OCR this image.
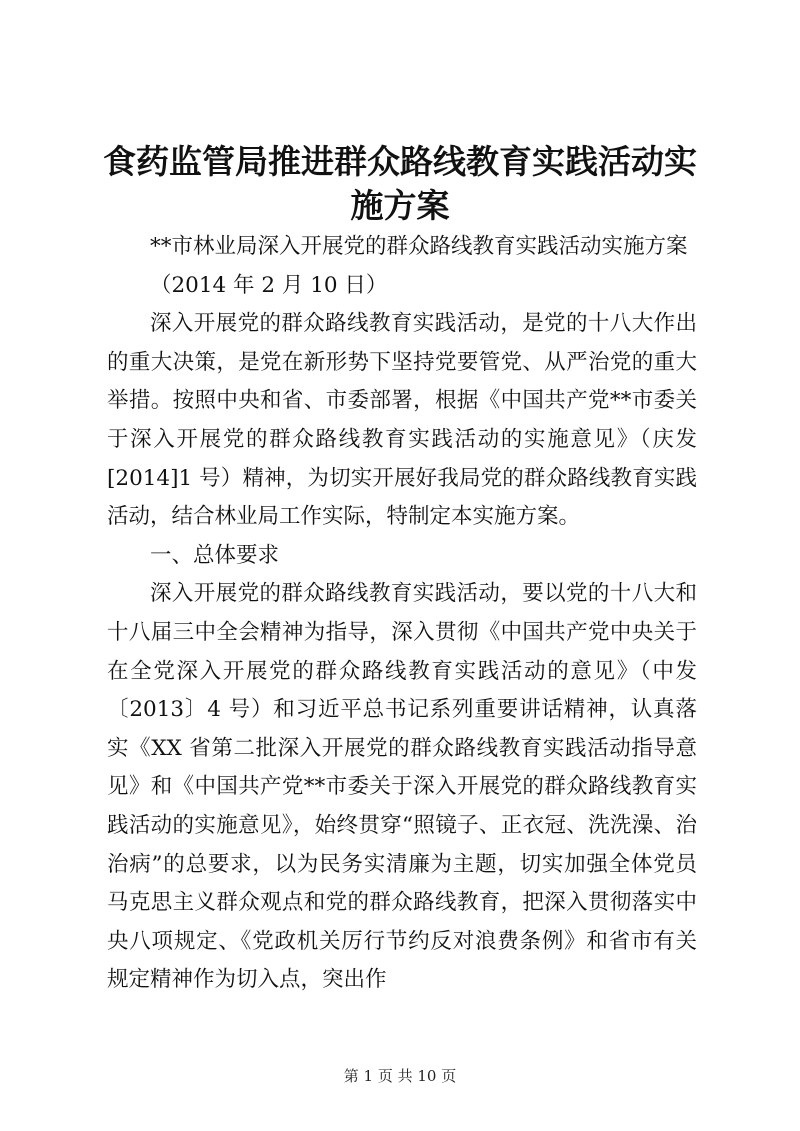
食药监管局推进群众路线教育实践活动实施方案

**市林业局深入开展党的群众路线教育实践活动实施方案

（2014 年 2 月 10 日）

深入开展党的群众路线教育实践活动，是党的十八大作出的重大决策，是党在新形势下坚持党要管党、从严治党的重大举措。按照中央和省、市委部署，根据《中国共产党**市委关于深入开展党的群众路线教育实践活动的实施意见》（庆发[2014]1 号）精神，为切实开展好我局党的群众路线教育实践活动，结合林业局工作实际，特制定本实施方案。

一、总体要求

深入开展党的群众路线教育实践活动，要以党的十八大和十八届三中全会精神为指导，深入贯彻《中国共产党中央关于在全党深入开展党的群众路线教育实践活动的意见》（中发〔2013〕4 号）和习近平总书记系列重要讲话精神，认真落实《XX 省第二批深入开展党的群众路线教育实践活动指导意见》和《中国共产党**市委关于深入开展党的群众路线教育实践活动的实施意见》，始终贯穿“照镜子、正衣冠、洗洗澡、治治病”的总要求，以为民务实清廉为主题，切实加强全体党员马克思主义群众观点和党的群众路线教育，把深入贯彻落实中央八项规定、《党政机关厉行节约反对浪费条例》和省市有关规定精神作为切入点，突出作

第 1 页 共 10 页
